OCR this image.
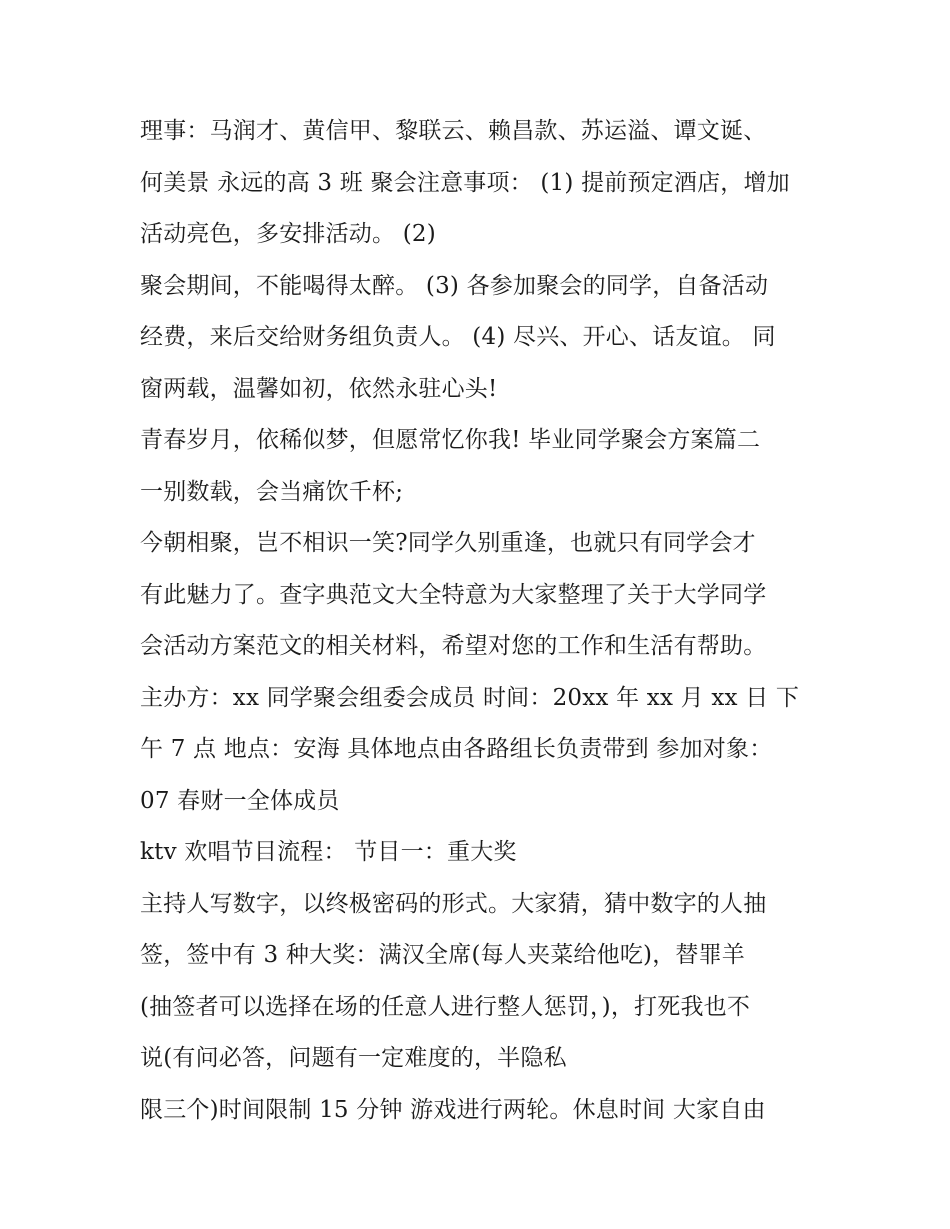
理事：马润才、黄信甲、黎联云、赖昌款、苏运溢、谭文诞、
何美景 永远的高 3 班 聚会注意事项： (1) 提前预定酒店，增加
活动亮色，多安排活动。 (2)
聚会期间，不能喝得太醉。 (3) 各参加聚会的同学，自备活动
经费，来后交给财务组负责人。 (4) 尽兴、开心、话友谊。 同
窗两载，温馨如初，依然永驻心头!
青春岁月，依稀似梦，但愿常忆你我! 毕业同学聚会方案篇二
一别数载，会当痛饮千杯;
今朝相聚，岂不相识一笑?同学久别重逢，也就只有同学会才
有此魅力了。查字典范文大全特意为大家整理了关于大学同学
会活动方案范文的相关材料，希望对您的工作和生活有帮助。
主办方：xx 同学聚会组委会成员 时间：20xx 年 xx 月 xx 日 下
午 7 点 地点：安海 具体地点由各路组长负责带到 参加对象：
07 春财一全体成员
ktv 欢唱节目流程： 节目一：重大奖
主持人写数字，以终极密码的形式。大家猜，猜中数字的人抽
签，签中有 3 种大奖：满汉全席(每人夹菜给他吃)，替罪羊
(抽签者可以选择在场的任意人进行整人惩罚，)，打死我也不
说(有问必答，问题有一定难度的，半隐私
限三个)时间限制 15 分钟 游戏进行两轮。休息时间 大家自由
